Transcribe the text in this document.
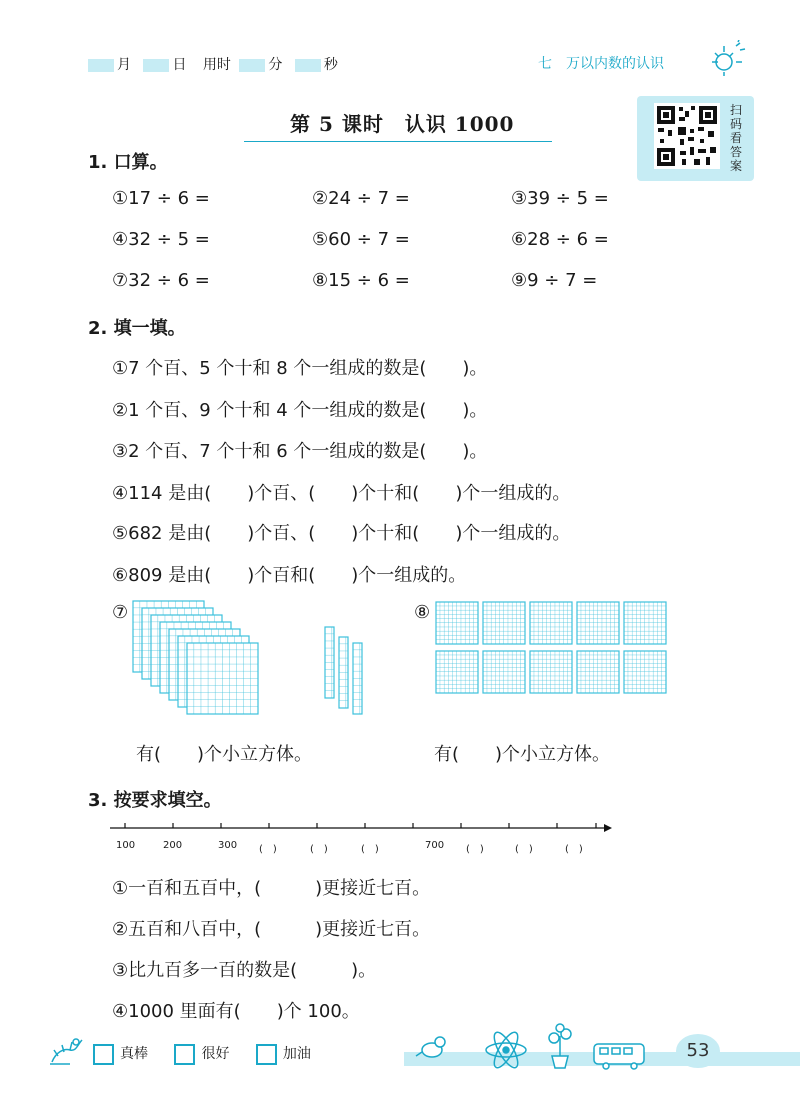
月	日 用时	分	秒	七　万以内数的认识
扫码看答案
第 5 课时　认识 1000
1. 口算。
①17 ÷ 6 =	②24 ÷ 7 =	③39 ÷ 5 =
④32 ÷ 5 =	⑤60 ÷ 7 =	⑥28 ÷ 6 =
⑦32 ÷ 6 =	⑧15 ÷ 6 =	⑨9 ÷ 7 =
2. 填一填。
①7 个百、5 个十和 8 个一组成的数是(　　)。
②1 个百、9 个十和 4 个一组成的数是(　　)。
③2 个百、7 个十和 6 个一组成的数是(　　)。
④114 是由(　　)个百、(　　)个十和(　　)个一组成的。
⑤682 是由(　　)个百、(　　)个十和(　　)个一组成的。
⑥809 是由(　　)个百和(　　)个一组成的。
⑦	⑧
有(　　)个小立方体。	有(　　)个小立方体。
3. 按要求填空。
100	200	300 (　)	(　)	(　)	700 (　)	(　)	(　)
①一百和五百中，(　　　)更接近七百。
②五百和八百中，(　　　)更接近七百。
③比九百多一百的数是(　　　)。
④1000 里面有(　　)个 100。
真棒	很好	加油	53
